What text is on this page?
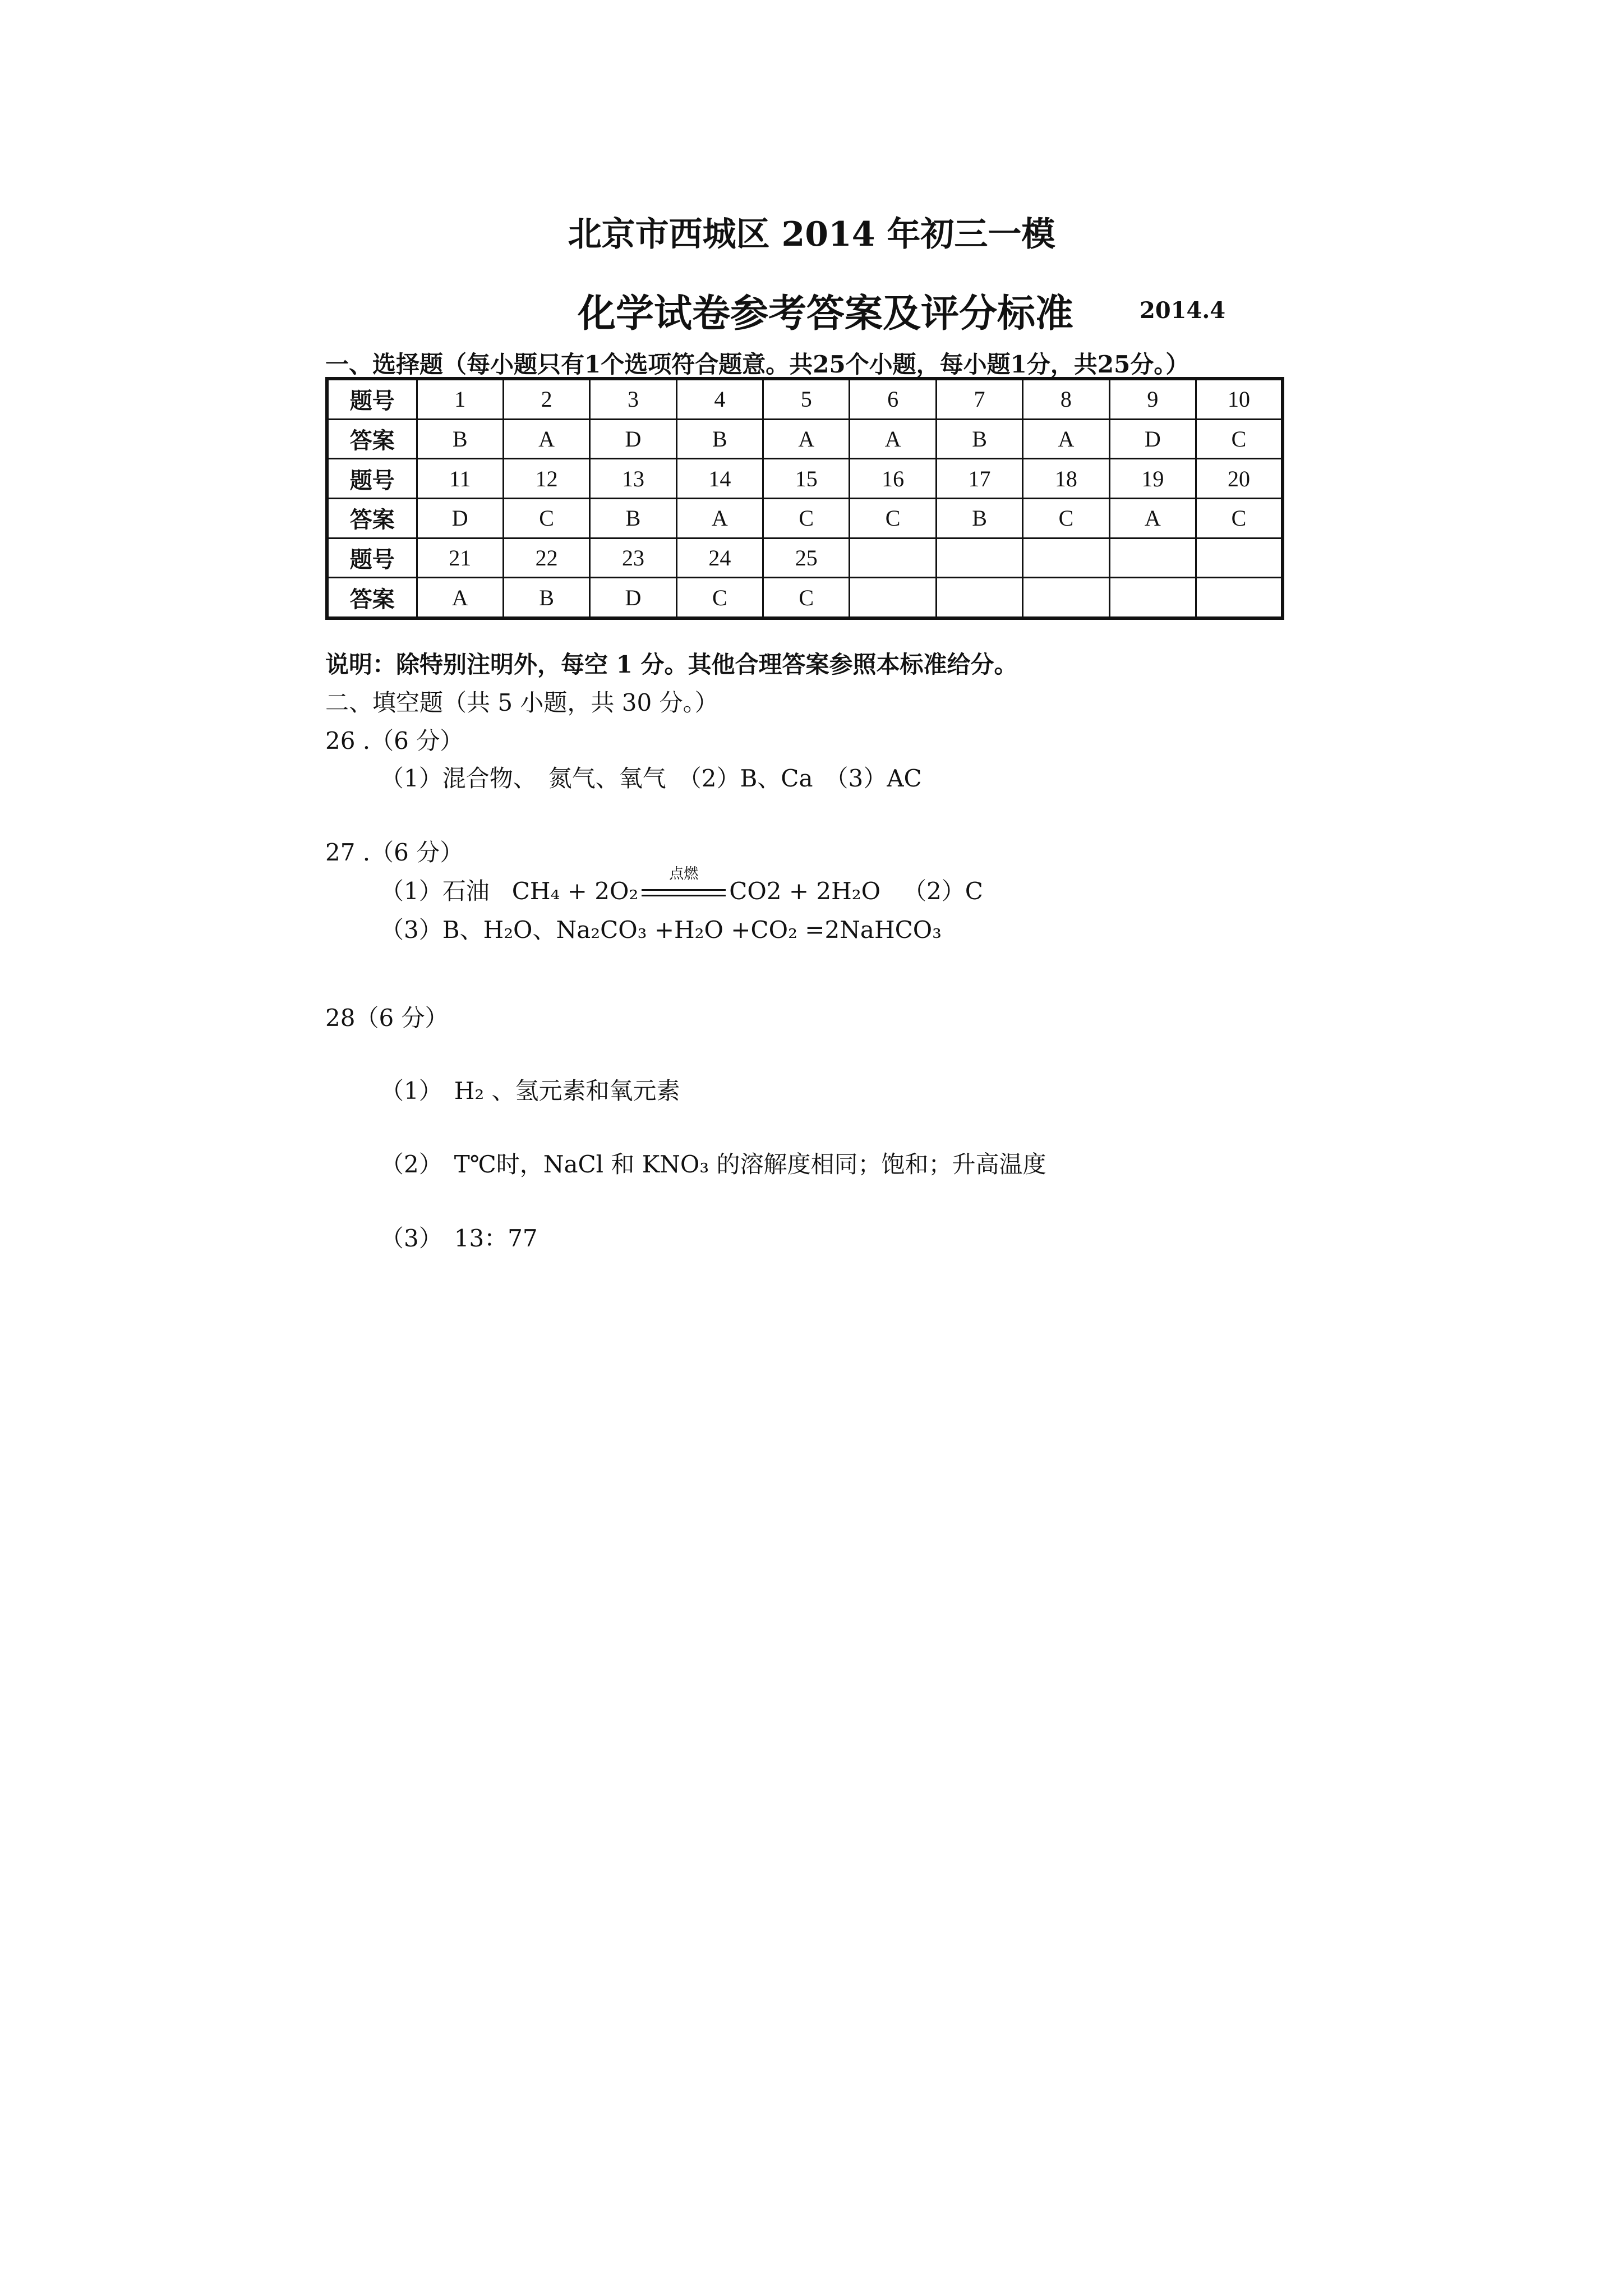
北京市西城区 2014 年初三一模
化学试卷参考答案及评分标准	2014.4
一、选择题（每小题只有1个选项符合题意。共25个小题，每小题1分，共25分。）
题号	1	2	3	4	5	6	7	8	9	10
答案	B	A	D	B	A	A	B	A	D	C
题号	11	12	13	14	15	16	17	18	19	20
答案	D	C	B	A	C	C	B	C	A	C
题号	21	22	23	24	25					
答案	A	B	D	C	C					
说明：除特别注明外，每空 1 分。其他合理答案参照本标准给分。
二、填空题（共 5 小题，共 30 分。）
26 .（6 分）
（1）混合物、　氮气、氧气　（2）B、Ca　（3）AC
27 .（6 分）
（1）石油 CH₄ + 2O₂
点燃
CO2 + 2H₂O （2）C
（3）B、H₂O、Na₂CO₃ +H₂O +CO₂ =2NaHCO₃
28（6 分）
（1）　H₂ 、氢元素和氧元素
（2）　T℃时，NaCl 和 KNO₃ 的溶解度相同；饱和；升高温度
（3）　13：77
